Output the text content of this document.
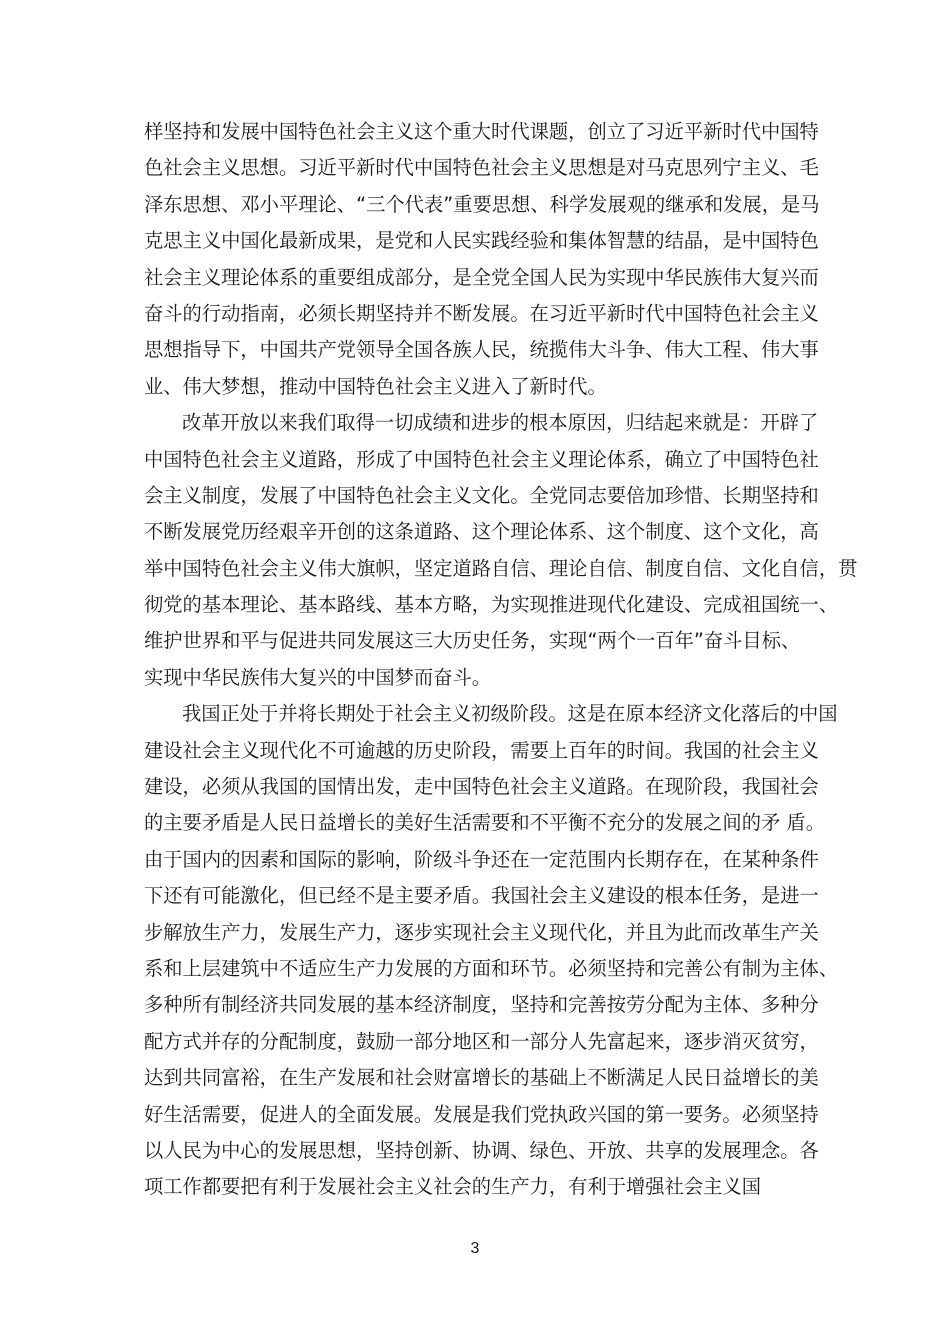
样坚持和发展中国特色社会主义这个重大时代课题，创立了习近平新时代中国特
色社会主义思想。习近平新时代中国特色社会主义思想是对马克思列宁主义、毛
泽东思想、邓小平理论、“三个代表”重要思想、科学发展观的继承和发展，是马
克思主义中国化最新成果，是党和人民实践经验和集体智慧的结晶，是中国特色
社会主义理论体系的重要组成部分，是全党全国人民为实现中华民族伟大复兴而
奋斗的行动指南，必须长期坚持并不断发展。在习近平新时代中国特色社会主义
思想指导下，中国共产党领导全国各族人民，统揽伟大斗争、伟大工程、伟大事
业、伟大梦想，推动中国特色社会主义进入了新时代。
改革开放以来我们取得一切成绩和进步的根本原因，归结起来就是：开辟了
中国特色社会主义道路，形成了中国特色社会主义理论体系，确立了中国特色社
会主义制度，发展了中国特色社会主义文化。全党同志要倍加珍惜、长期坚持和
不断发展党历经艰辛开创的这条道路、这个理论体系、这个制度、这个文化，高
举中国特色社会主义伟大旗帜，坚定道路自信、理论自信、制度自信、文化自信，贯
彻党的基本理论、基本路线、基本方略，为实现推进现代化建设、完成祖国统一、
维护世界和平与促进共同发展这三大历史任务，实现“两个一百年”奋斗目标、
实现中华民族伟大复兴的中国梦而奋斗。
我国正处于并将长期处于社会主义初级阶段。这是在原本经济文化落后的中国
建设社会主义现代化不可逾越的历史阶段，需要上百年的时间。我国的社会主义
建设，必须从我国的国情出发，走中国特色社会主义道路。在现阶段，我国社会
的主要矛盾是人民日益增长的美好生活需要和不平衡不充分的发展之间的矛 盾。
由于国内的因素和国际的影响，阶级斗争还在一定范围内长期存在，在某种条件
下还有可能激化，但已经不是主要矛盾。我国社会主义建设的根本任务，是进一
步解放生产力，发展生产力，逐步实现社会主义现代化，并且为此而改革生产关
系和上层建筑中不适应生产力发展的方面和环节。必须坚持和完善公有制为主体、
多种所有制经济共同发展的基本经济制度，坚持和完善按劳分配为主体、多种分
配方式并存的分配制度，鼓励一部分地区和一部分人先富起来，逐步消灭贫穷，
达到共同富裕，在生产发展和社会财富增长的基础上不断满足人民日益增长的美
好生活需要，促进人的全面发展。发展是我们党执政兴国的第一要务。必须坚持
以人民为中心的发展思想，坚持创新、协调、绿色、开放、共享的发展理念。各
项工作都要把有利于发展社会主义社会的生产力，有利于增强社会主义国
3
